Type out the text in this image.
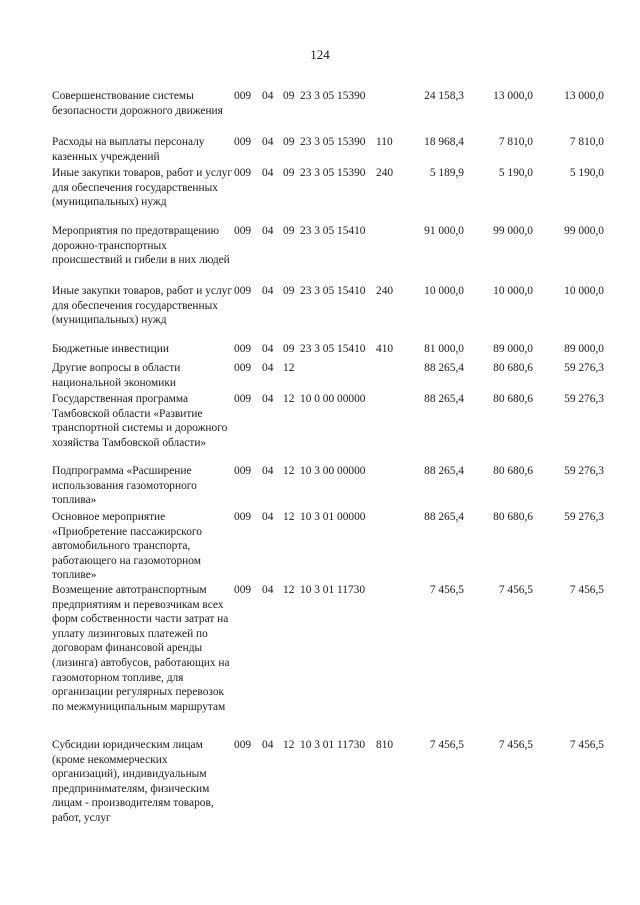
124
Совершенствование системы безопасности дорожного движения
009 04 09 23 3 05 15390	24 158,3	13 000,0	13 000,0
Расходы на выплаты персоналу казенных учреждений
009 04 09 23 3 05 15390 110	18 968,4	7 810,0	7 810,0
Иные закупки товаров, работ и услуг для обеспечения государственных (муниципальных) нужд
009 04 09 23 3 05 15390 240	5 189,9	5 190,0	5 190,0
Мероприятия по предотвращению дорожно-транспортных происшествий и гибели в них людей
009 04 09 23 3 05 15410	91 000,0	99 000,0	99 000,0
Иные закупки товаров, работ и услуг для обеспечения государственных (муниципальных) нужд
009 04 09 23 3 05 15410 240	10 000,0	10 000,0	10 000,0
Бюджетные инвестиции	009 04 09 23 3 05 15410 410	81 000,0	89 000,0	89 000,0
Другие вопросы в области национальной экономики
009 04 12	88 265,4	80 680,6	59 276,3
Государственная программа Тамбовской области «Развитие транспортной системы и дорожного хозяйства Тамбовской области»
009 04 12 10 0 00 00000	88 265,4	80 680,6	59 276,3
Подпрограмма «Расширение использования газомоторного топлива»
009 04 12 10 3 00 00000	88 265,4	80 680,6	59 276,3
Основное мероприятие «Приобретение пассажирского автомобильного транспорта, работающего на газомоторном топливе»
009 04 12 10 3 01 00000	88 265,4	80 680,6	59 276,3
Возмещение автотранспортным предприятиям и перевозчикам всех форм собственности части затрат на уплату лизинговых платежей по договорам финансовой аренды (лизинга) автобусов, работающих на газомоторном топливе, для организации регулярных перевозок по межмуниципальным маршрутам
009 04 12 10 3 01 11730	7 456,5	7 456,5	7 456,5
Субсидии юридическим лицам (кроме некоммерческих организаций), индивидуальным предпринимателям, физическим лицам - производителям товаров, работ, услуг
009 04 12 10 3 01 11730 810	7 456,5	7 456,5	7 456,5
